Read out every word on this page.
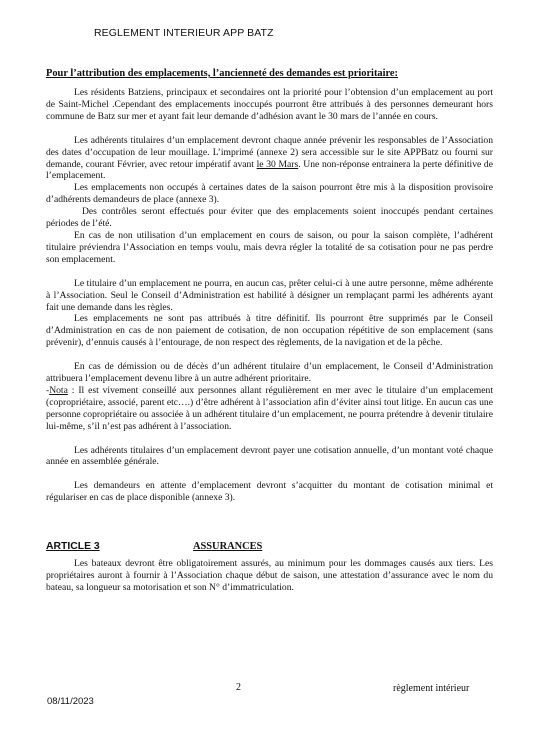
REGLEMENT INTERIEUR APP BATZ
Pour l’attribution des emplacements, l’ancienneté des demandes est prioritaire:

Les résidents Batziens, principaux et secondaires ont la priorité pour l’obtension d’un emplacement au port de Saint-Michel .Cependant des emplacements inoccupés pourront être attribués à des personnes demeurant hors commune de Batz sur mer et ayant fait leur demande d’adhésion avant le 30 mars de l’année en cours.

Les adhérents titulaires d’un emplacement devront chaque année prévenir les responsables de l’Association des dates d’occupation de leur mouillage. L’imprimé (annexe 2) sera accessible sur le site APPBatz ou fourni sur demande, courant Février, avec retour impératif avant le 30 Mars. Une non-réponse entrainera la perte définitive de l’emplacement.

Les emplacements non occupés à certaines dates de la saison pourront être mis à la disposition provisoire d’adhérents demandeurs de place (annexe 3).

Des contrôles seront effectués pour éviter que des emplacements soient inoccupés pendant certaines périodes de l’été.

En cas de non utilisation d’un emplacement en cours de saison, ou pour la saison complète, l’adhérent titulaire préviendra l’Association en temps voulu, mais devra régler la totalité de sa cotisation pour ne pas perdre son emplacement.

Le titulaire d’un emplacement ne pourra, en aucun cas, prêter celui-ci à une autre personne, même adhérente à l’Association. Seul le Conseil d’Administration est habilité à désigner un remplaçant parmi les adhérents ayant fait une demande dans les règles.

Les emplacements ne sont pas attribués à titre définitif. Ils pourront être supprimés par le Conseil d’Administration en cas de non paiement de cotisation, de non occupation répétitive de son emplacement (sans prévenir), d’ennuis causés à l’entourage, de non respect des règlements, de la navigation et de la pêche.

En cas de démission ou de décès d’un adhérent titulaire d’un emplacement, le Conseil d’Administration attribuera l’emplacement devenu libre à un autre adhérent prioritaire.

-Nota : Il est vivement conseillé aux personnes allant régulièrement en mer avec le titulaire d’un emplacement (copropriétaire, associé, parent etc….) d’être adhérent à l’association afin d’éviter ainsi tout litige. En aucun cas une personne copropriétaire ou associée à un adhérent titulaire d’un emplacement, ne pourra prétendre à devenir titulaire lui-même, s’il n’est pas adhérent à l’association.

Les adhérents titulaires d’un emplacement devront payer une cotisation annuelle, d’un montant voté chaque année en assemblée générale.

Les demandeurs en attente d’emplacement devront s’acquitter du montant de cotisation minimal et régulariser en cas de place disponible (annexe 3).

ARTICLE 3	ASSURANCES

Les bateaux devront être obligatoirement assurés, au minimum pour les dommages causés aux tiers. Les propriétaires auront à fournir à l’Association chaque début de saison, une attestation d’assurance avec le nom du bateau, sa longueur sa motorisation et son N° d’immatriculation.

2	règlement intérieur
08/11/2023
